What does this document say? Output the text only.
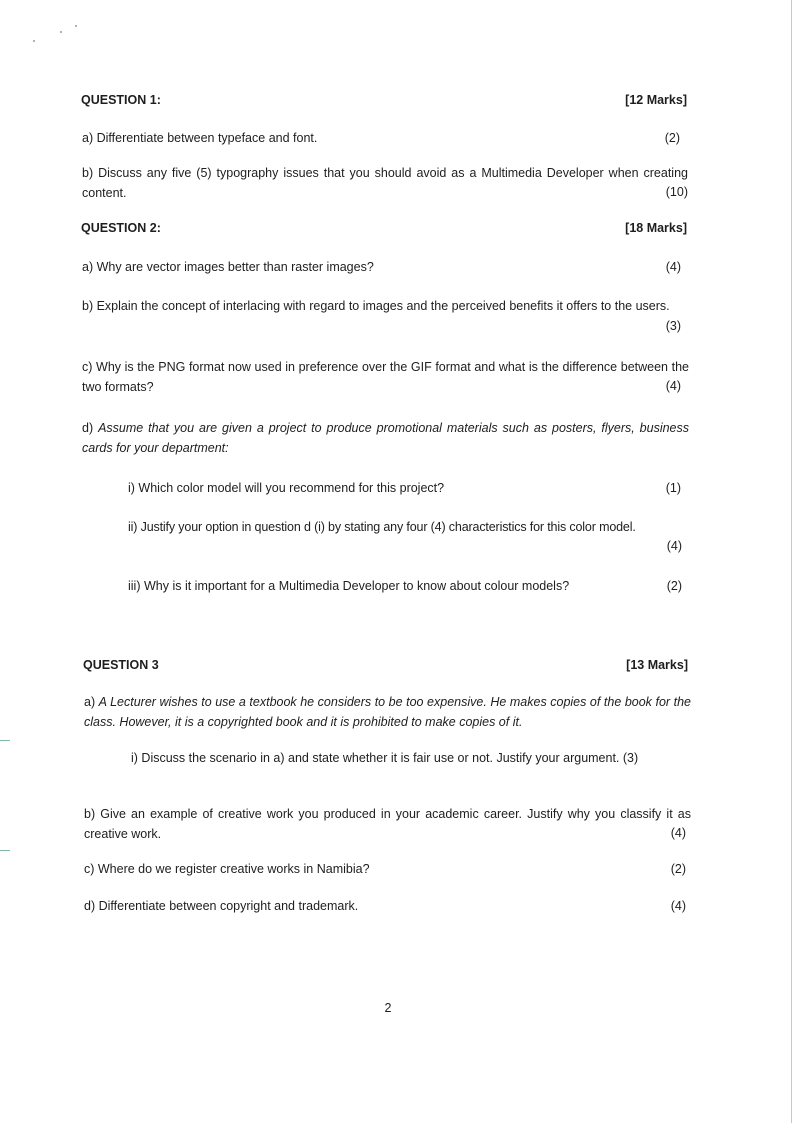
QUESTION 1:	[12 Marks]
a) Differentiate between typeface and font.	(2)
b) Discuss any five (5) typography issues that you should avoid as a Multimedia Developer when creating content.	(10)
QUESTION 2:	[18 Marks]
a) Why are vector images better than raster images?	(4)
b) Explain the concept of interlacing with regard to images and the perceived benefits it offers to the users.
(3)
c) Why is the PNG format now used in preference over the GIF format and what is the difference between the two formats?	(4)
d) Assume that you are given a project to produce promotional materials such as posters, flyers, business cards for your department:
i) Which color model will you recommend for this project?	(1)
ii) Justify your option in question d (i) by stating any four (4) characteristics for this color model.
(4)
iii) Why is it important for a Multimedia Developer to know about colour models?	(2)
QUESTION 3	[13 Marks]
a) A Lecturer wishes to use a textbook he considers to be too expensive. He makes copies of the book for the class. However, it is a copyrighted book and it is prohibited to make copies of it.
i) Discuss the scenario in a) and state whether it is fair use or not. Justify your argument. (3)
b) Give an example of creative work you produced in your academic career. Justify why you classify it as creative work.	(4)
c) Where do we register creative works in Namibia?	(2)
d) Differentiate between copyright and trademark.	(4)
2
